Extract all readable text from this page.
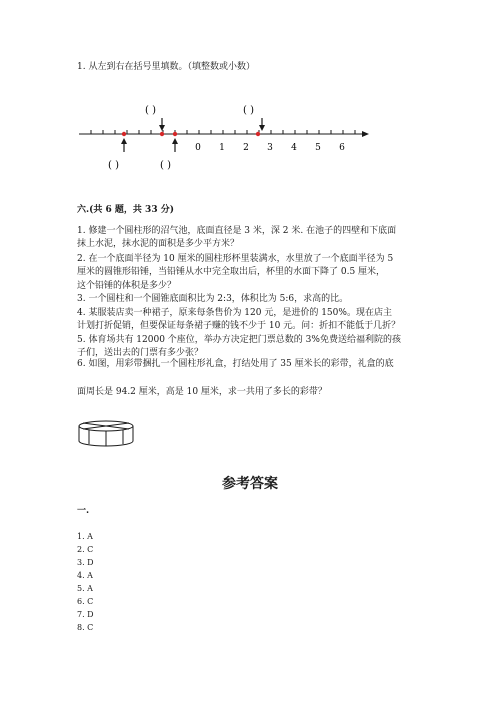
1. 从左到右在括号里填数。（填整数或小数）
( )	( )
( )	( )
0 1 2 3 4 5 6
六.(共 6 题，共 33 分)
1. 修建一个圆柱形的沼气池，底面直径是 3 米，深 2 米. 在池子的四壁和下底面
抹上水泥，抹水泥的面积是多少平方米？
2. 在一个底面半径为 10 厘米的圆柱形杯里装满水，水里放了一个底面半径为 5
厘米的圆锥形铅锤，当铅锤从水中完全取出后，杯里的水面下降了 0.5 厘米，
这个铅锤的体积是多少？
3. 一个圆柱和一个圆锥底面积比为 2:3，体积比为 5:6，求高的比。
4. 某服装店卖一种裙子，原来每条售价为 120 元，是进价的 150%。现在店主
计划打折促销，但要保证每条裙子赚的钱不少于 10 元。问：折扣不能低于几折？
5. 体育场共有 12000 个座位，举办方决定把门票总数的 3%免费送给福利院的孩
子们，送出去的门票有多少张？
6. 如图，用彩带捆扎一个圆柱形礼盒，打结处用了 35 厘米长的彩带，礼盒的底
面周长是 94.2 厘米，高是 10 厘米，求一共用了多长的彩带？
参考答案
一.
1. A
2. C
3. D
4. A
5. A
6. C
7. D
8. C
